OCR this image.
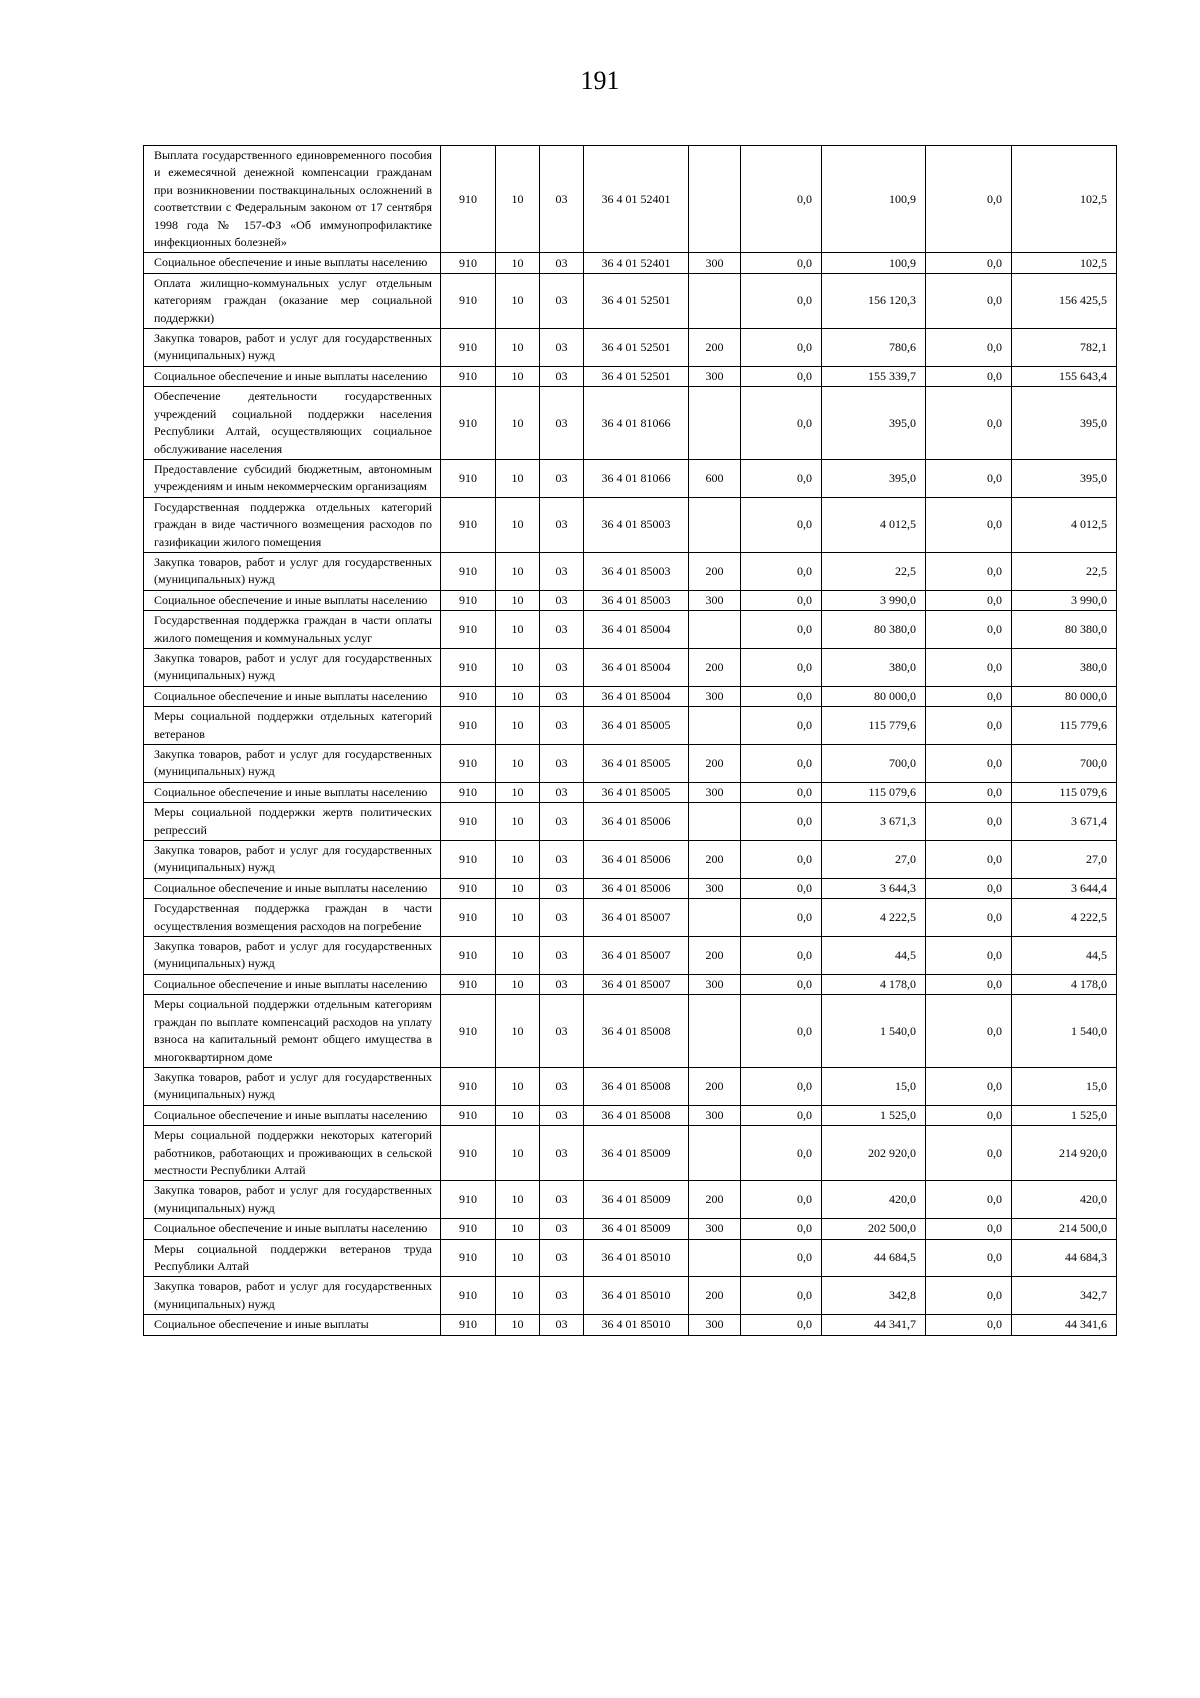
191
Выплата государственного единовременного пособия и ежемесячной денежной компенсации гражданам при возникновении поствакцинальных осложнений в соответствии с Федеральным законом от 17 сентября 1998 года № 157-ФЗ «Об иммунопрофилактике инфекционных болезней»	910	10	03	36 4 01 52401		0,0	100,9	0,0	102,5
Социальное обеспечение и иные выплаты населению	910	10	03	36 4 01 52401	300	0,0	100,9	0,0	102,5
Оплата жилищно-коммунальных услуг отдельным категориям граждан (оказание мер социальной поддержки)	910	10	03	36 4 01 52501		0,0	156 120,3	0,0	156 425,5
Закупка товаров, работ и услуг для государственных (муниципальных) нужд	910	10	03	36 4 01 52501	200	0,0	780,6	0,0	782,1
Социальное обеспечение и иные выплаты населению	910	10	03	36 4 01 52501	300	0,0	155 339,7	0,0	155 643,4
Обеспечение деятельности государственных учреждений социальной поддержки населения Республики Алтай, осуществляющих социальное обслуживание населения	910	10	03	36 4 01 81066		0,0	395,0	0,0	395,0
Предоставление субсидий бюджетным, автономным учреждениям и иным некоммерческим организациям	910	10	03	36 4 01 81066	600	0,0	395,0	0,0	395,0
Государственная поддержка отдельных категорий граждан в виде частичного возмещения расходов по газификации жилого помещения	910	10	03	36 4 01 85003		0,0	4 012,5	0,0	4 012,5
Закупка товаров, работ и услуг для государственных (муниципальных) нужд	910	10	03	36 4 01 85003	200	0,0	22,5	0,0	22,5
Социальное обеспечение и иные выплаты населению	910	10	03	36 4 01 85003	300	0,0	3 990,0	0,0	3 990,0
Государственная поддержка граждан в части оплаты жилого помещения и коммунальных услуг	910	10	03	36 4 01 85004		0,0	80 380,0	0,0	80 380,0
Закупка товаров, работ и услуг для государственных (муниципальных) нужд	910	10	03	36 4 01 85004	200	0,0	380,0	0,0	380,0
Социальное обеспечение и иные выплаты населению	910	10	03	36 4 01 85004	300	0,0	80 000,0	0,0	80 000,0
Меры социальной поддержки отдельных категорий ветеранов	910	10	03	36 4 01 85005		0,0	115 779,6	0,0	115 779,6
Закупка товаров, работ и услуг для государственных (муниципальных) нужд	910	10	03	36 4 01 85005	200	0,0	700,0	0,0	700,0
Социальное обеспечение и иные выплаты населению	910	10	03	36 4 01 85005	300	0,0	115 079,6	0,0	115 079,6
Меры социальной поддержки жертв политических репрессий	910	10	03	36 4 01 85006		0,0	3 671,3	0,0	3 671,4
Закупка товаров, работ и услуг для государственных (муниципальных) нужд	910	10	03	36 4 01 85006	200	0,0	27,0	0,0	27,0
Социальное обеспечение и иные выплаты населению	910	10	03	36 4 01 85006	300	0,0	3 644,3	0,0	3 644,4
Государственная поддержка граждан в части осуществления возмещения расходов на погребение	910	10	03	36 4 01 85007		0,0	4 222,5	0,0	4 222,5
Закупка товаров, работ и услуг для государственных (муниципальных) нужд	910	10	03	36 4 01 85007	200	0,0	44,5	0,0	44,5
Социальное обеспечение и иные выплаты населению	910	10	03	36 4 01 85007	300	0,0	4 178,0	0,0	4 178,0
Меры социальной поддержки отдельным категориям граждан по выплате компенсаций расходов на уплату взноса на капитальный ремонт общего имущества в многоквартирном доме	910	10	03	36 4 01 85008		0,0	1 540,0	0,0	1 540,0
Закупка товаров, работ и услуг для государственных (муниципальных) нужд	910	10	03	36 4 01 85008	200	0,0	15,0	0,0	15,0
Социальное обеспечение и иные выплаты населению	910	10	03	36 4 01 85008	300	0,0	1 525,0	0,0	1 525,0
Меры социальной поддержки некоторых категорий работников, работающих и проживающих в сельской местности Республики Алтай	910	10	03	36 4 01 85009		0,0	202 920,0	0,0	214 920,0
Закупка товаров, работ и услуг для государственных (муниципальных) нужд	910	10	03	36 4 01 85009	200	0,0	420,0	0,0	420,0
Социальное обеспечение и иные выплаты населению	910	10	03	36 4 01 85009	300	0,0	202 500,0	0,0	214 500,0
Меры социальной поддержки ветеранов труда Республики Алтай	910	10	03	36 4 01 85010		0,0	44 684,5	0,0	44 684,3
Закупка товаров, работ и услуг для государственных (муниципальных) нужд	910	10	03	36 4 01 85010	200	0,0	342,8	0,0	342,7
Социальное обеспечение и иные выплаты	910	10	03	36 4 01 85010	300	0,0	44 341,7	0,0	44 341,6
